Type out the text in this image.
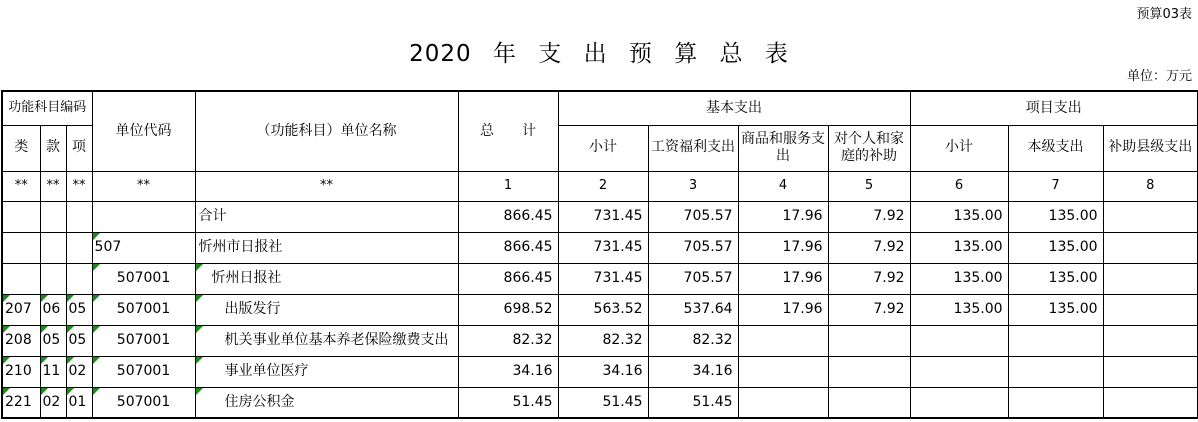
预算03表
2020 年 支 出 预 算 总 表
单位：万元
功能科目编码			单位代码	（功能科目）单位名称	总　　计	基本支出				项目支出		
类	款	项				小计	工资福利支出	商品和服务支出	对个人和家庭的补助	小计	本级支出	补助县级支出
**	**	**	**	**	1	2	3	4	5	6	7	8
				合计	866.45	731.45	705.57	17.96	7.92	135.00	135.00	
			507	忻州市日报社	866.45	731.45	705.57	17.96	7.92	135.00	135.00	
			507001	忻州日报社	866.45	731.45	705.57	17.96	7.92	135.00	135.00	
207	06	05	507001	出版发行	698.52	563.52	537.64	17.96	7.92	135.00	135.00	
208	05	05	507001	机关事业单位基本养老保险缴费支出	82.32	82.32	82.32					
210	11	02	507001	事业单位医疗	34.16	34.16	34.16					
221	02	01	507001	住房公积金	51.45	51.45	51.45					
